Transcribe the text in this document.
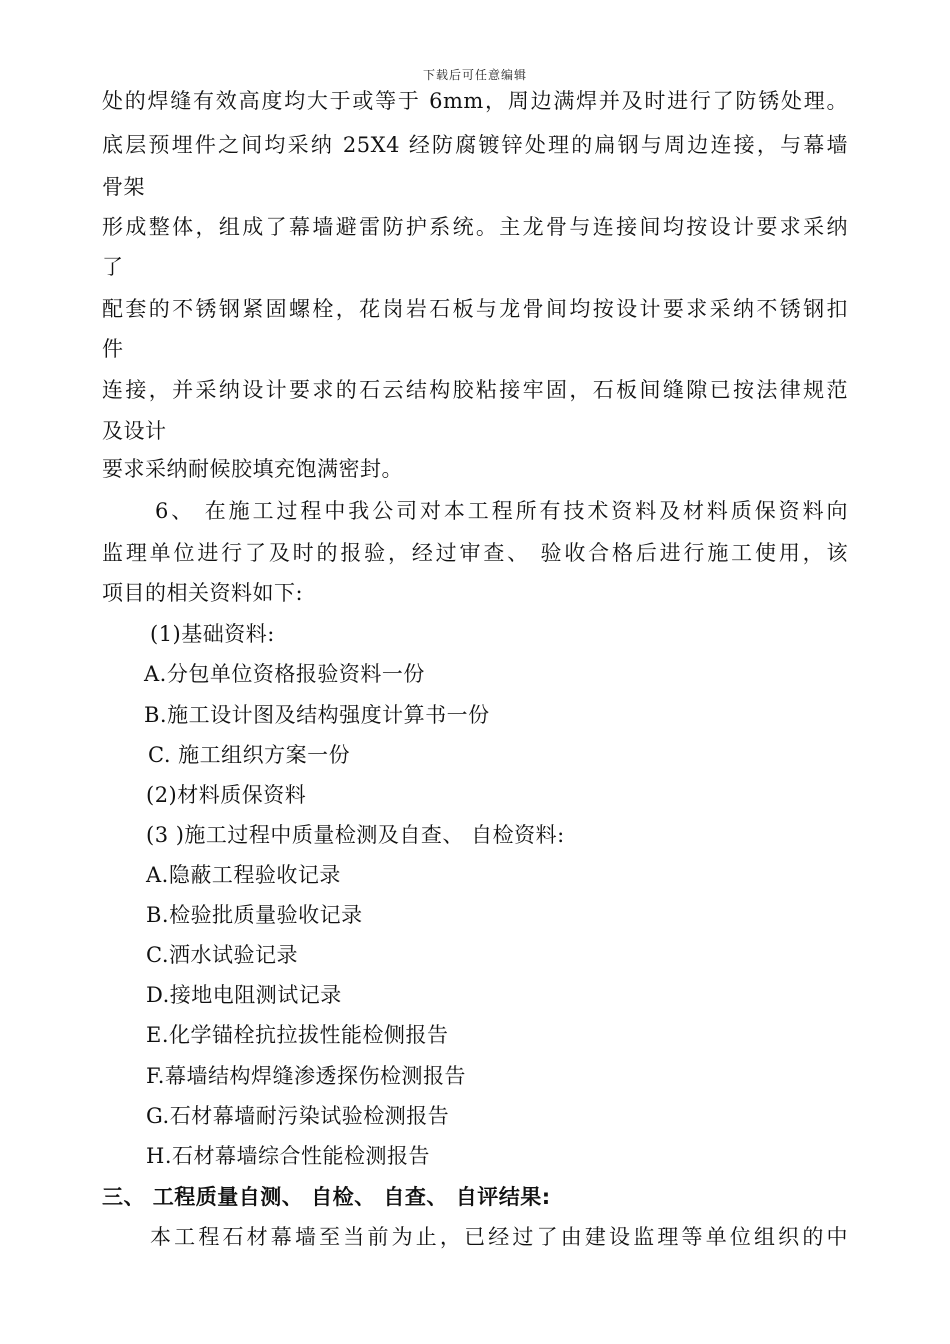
下载后可任意编辑
处的焊缝有效高度均大于或等于 6mm，周边满焊并及时进行了防锈处理。
底层预埋件之间均采纳 25X4 经防腐镀锌处理的扁钢与周边连接，与幕墙
骨架
形成整体，组成了幕墙避雷防护系统。主龙骨与连接间均按设计要求采纳
了
配套的不锈钢紧固螺栓，花岗岩石板与龙骨间均按设计要求采纳不锈钢扣
件
连接，并采纳设计要求的石云结构胶粘接牢固，石板间缝隙已按法律规范
及设计
要求采纳耐候胶填充饱满密封。
6、 在施工过程中我公司对本工程所有技术资料及材料质保资料向
监理单位进行了及时的报验，经过审查、 验收合格后进行施工使用，该
项目的相关资料如下:
(1)基础资料:
A.分包单位资格报验资料一份
B.施工设计图及结构强度计算书一份
C. 施工组织方案一份
(2)材料质保资料
(3 )施工过程中质量检测及自查、 自检资料:
A.隐蔽工程验收记录
B.检验批质量验收记录
C.洒水试验记录
D.接地电阻测试记录
E.化学锚栓抗拉拔性能检侧报告
F.幕墙结构焊缝渗透探伤检测报告
G.石材幕墙耐污染试验检测报告
H.石材幕墙综合性能检测报告
三、 工程质量自测、 自检、 自查、 自评结果:
本工程石材幕墙至当前为止，已经过了由建设监理等单位组织的中
